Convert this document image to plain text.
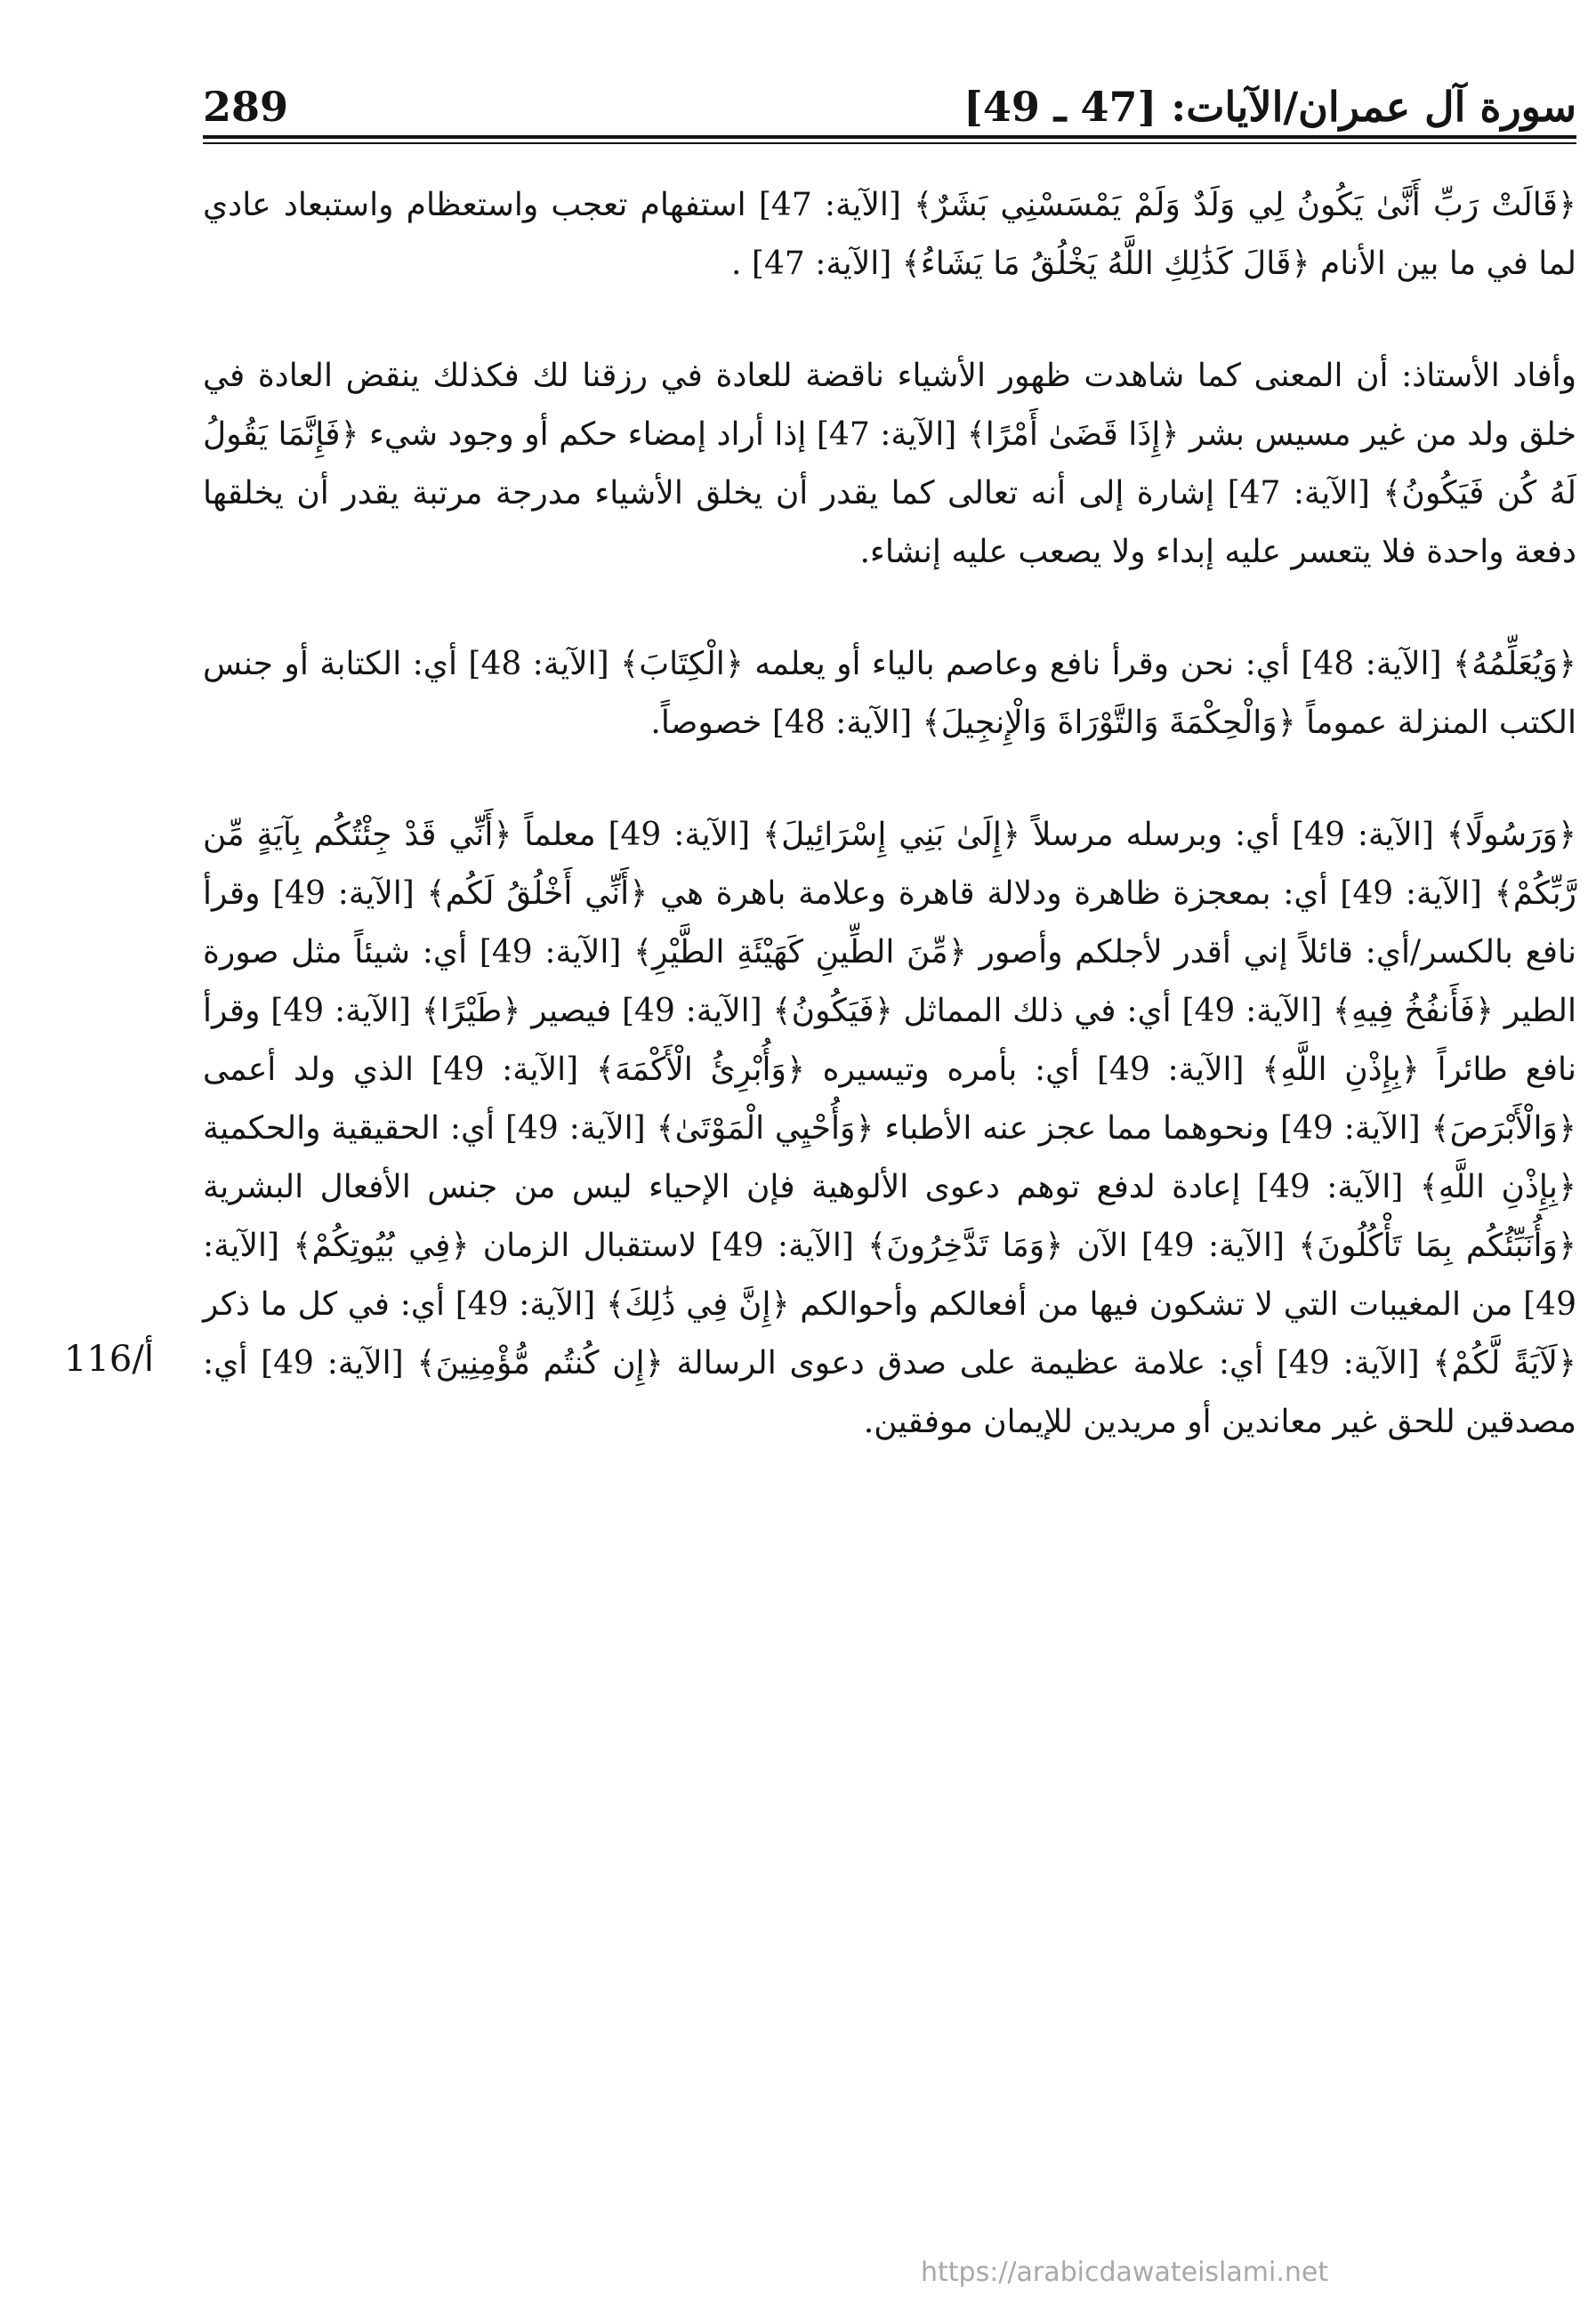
سورة آل عمران/الآيات: [47 ـ 49]
289

﴿قَالَتْ رَبِّ أَنَّىٰ يَكُونُ لِي وَلَدٌ وَلَمْ يَمْسَسْنِي بَشَرٌ﴾ [الآية: 47] استفهام تعجب واستعظام واستبعاد عادي لما في ما بين الأنام ﴿قَالَ كَذَٰلِكِ اللَّهُ يَخْلُقُ مَا يَشَاءُ﴾ [الآية: 47] .

وأفاد الأستاذ: أن المعنى كما شاهدت ظهور الأشياء ناقضة للعادة في رزقنا لك فكذلك ينقض العادة في خلق ولد من غير مسيس بشر ﴿إِذَا قَضَىٰ أَمْرًا﴾ [الآية: 47] إذا أراد إمضاء حكم أو وجود شيء ﴿فَإِنَّمَا يَقُولُ لَهُ كُن فَيَكُونُ﴾ [الآية: 47] إشارة إلى أنه تعالى كما يقدر أن يخلق الأشياء مدرجة مرتبة يقدر أن يخلقها دفعة واحدة فلا يتعسر عليه إبداء ولا يصعب عليه إنشاء.

﴿وَيُعَلِّمُهُ﴾ [الآية: 48] أي: نحن وقرأ نافع وعاصم بالياء أو يعلمه ﴿الْكِتَابَ﴾ [الآية: 48] أي: الكتابة أو جنس الكتب المنزلة عموماً ﴿وَالْحِكْمَةَ وَالتَّوْرَاةَ وَالْإِنجِيلَ﴾ [الآية: 48] خصوصاً.

﴿وَرَسُولًا﴾ [الآية: 49] أي: وبرسله مرسلاً ﴿إِلَىٰ بَنِي إِسْرَائِيلَ﴾ [الآية: 49] معلماً ﴿أَنِّي قَدْ جِئْتُكُم بِآيَةٍ مِّن رَّبِّكُمْ﴾ [الآية: 49] أي: بمعجزة ظاهرة ودلالة قاهرة وعلامة باهرة هي ﴿أَنِّي أَخْلُقُ لَكُم﴾ [الآية: 49] وقرأ نافع بالكسر/أي: قائلاً إني أقدر لأجلكم وأصور ﴿مِّنَ الطِّينِ كَهَيْئَةِ الطَّيْرِ﴾ [الآية: 49] أي: شيئاً مثل صورة الطير ﴿فَأَنفُخُ فِيهِ﴾ [الآية: 49] أي: في ذلك المماثل ﴿فَيَكُونُ﴾ [الآية: 49] فيصير ﴿طَيْرًا﴾ [الآية: 49] وقرأ نافع طائراً ﴿بِإِذْنِ اللَّهِ﴾ [الآية: 49] أي: بأمره وتيسيره ﴿وَأُبْرِئُ الْأَكْمَهَ﴾ [الآية: 49] الذي ولد أعمى ﴿وَالْأَبْرَصَ﴾ [الآية: 49] ونحوهما مما عجز عنه الأطباء ﴿وَأُحْيِي الْمَوْتَىٰ﴾ [الآية: 49] أي: الحقيقية والحكمية ﴿بِإِذْنِ اللَّهِ﴾ [الآية: 49] إعادة لدفع توهم دعوى الألوهية فإن الإحياء ليس من جنس الأفعال البشرية ﴿وَأُنَبِّئُكُم بِمَا تَأْكُلُونَ﴾ [الآية: 49] الآن ﴿وَمَا تَدَّخِرُونَ﴾ [الآية: 49] لاستقبال الزمان ﴿فِي بُيُوتِكُمْ﴾ [الآية: 49] من المغيبات التي لا تشكون فيها من أفعالكم وأحوالكم ﴿إِنَّ فِي ذَٰلِكَ﴾ [الآية: 49] أي: في كل ما ذكر ﴿لَآيَةً لَّكُمْ﴾ [الآية: 49] أي: علامة عظيمة على صدق دعوى الرسالة ﴿إِن كُنتُم مُّؤْمِنِينَ﴾ [الآية: 49] أي: مصدقين للحق غير معاندين أو مريدين للإيمان موفقين.

116/أ
https://arabicdawateislami.net
